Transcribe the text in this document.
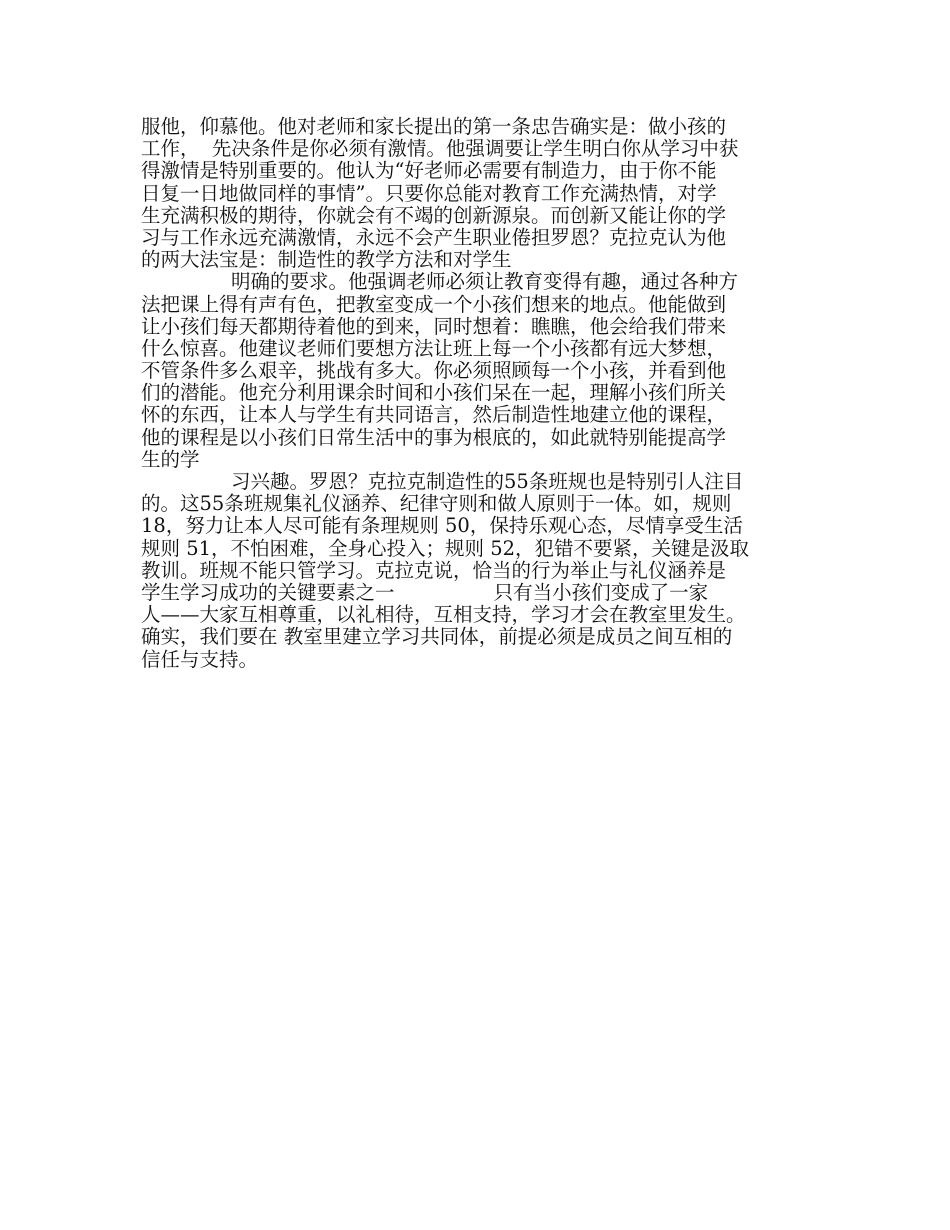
服他，仰慕他。他对老师和家长提出的第一条忠告确实是：做小孩的
工作，  先决条件是你必须有激情。他强调要让学生明白你从学习中获
得激情是特别重要的。他认为“好老师必需要有制造力，由于你不能
日复一日地做同样的事情”。只要你总能对教育工作充满热情，对学
生充满积极的期待，你就会有不竭的创新源泉。而创新又能让你的学
习与工作永远充满激情，永远不会产生职业倦担罗恩？克拉克认为他
的两大法宝是：制造性的教学方法和对学生
明确的要求。他强调老师必须让教育变得有趣，通过各种方
法把课上得有声有色，把教室变成一个小孩们想来的地点。他能做到
让小孩们每天都期待着他的到来，同时想着：瞧瞧，他会给我们带来
什么惊喜。他建议老师们要想方法让班上每一个小孩都有远大梦想，
不管条件多么艰辛，挑战有多大。你必须照顾每一个小孩，并看到他
们的潜能。他充分利用课余时间和小孩们呆在一起，理解小孩们所关
怀的东西，让本人与学生有共同语言，然后制造性地建立他的课程，
他的课程是以小孩们日常生活中的事为根底的，如此就特别能提高学
生的学
习兴趣。罗恩？克拉克制造性的55条班规也是特别引人注目
的。这55条班规集礼仪涵养、纪律守则和做人原则于一体。如，规则
18，努力让本人尽可能有条理规则 50，保持乐观心态，尽情享受生活
规则 51，不怕困难，全身心投入；规则 52，犯错不要紧，关键是汲取
教训。班规不能只管学习。克拉克说，恰当的行为举止与礼仪涵养是
学生学习成功的关键要素之一                只有当小孩们变成了一家
人——大家互相尊重，以礼相待，互相支持，学习才会在教室里发生。
确实，我们要在 教室里建立学习共同体，前提必须是成员之间互相的
信任与支持。
